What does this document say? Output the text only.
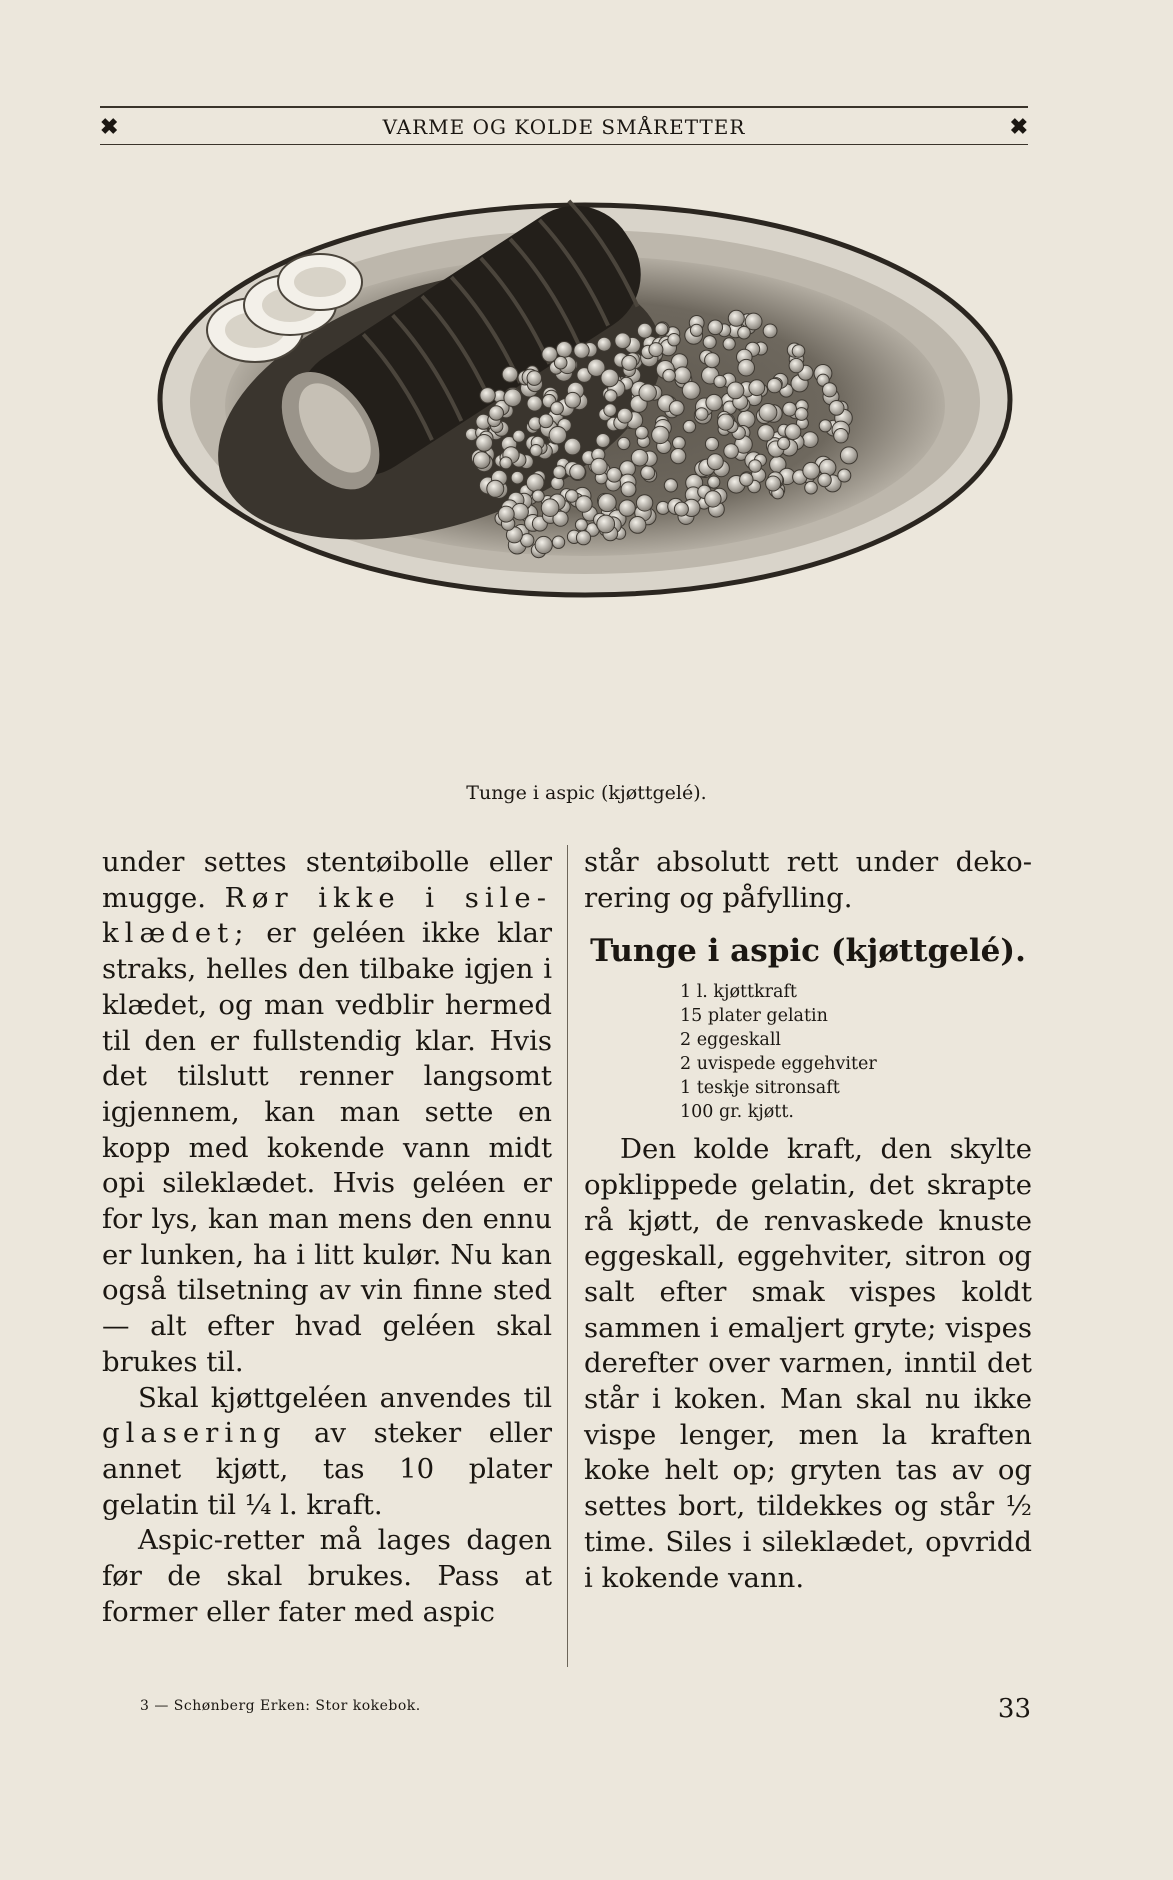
✖	VARME OG KOLDE SMÅRETTER	✖
Tunge i aspic (kjøttgelé).

under settes stentøibolle eller mugge. Rør ikke i sile- klædet; er geléen ikke klar straks, helles den tilbake igjen i klædet, og man vedblir hermed til den er fullstendig klar. Hvis det tilslutt renner langsomt igjennem, kan man sette en kopp med kokende vann midt opi sileklædet. Hvis geléen er for lys, kan man mens den ennu er lunken, ha i litt kulør. Nu kan også tilsetning av vin finne sted — alt efter hvad geléen skal brukes til.

Skal kjøttgeléen anvendes til glasering av steker eller annet kjøtt, tas 10 plater gelatin til ¼ l. kraft.

Aspic-retter må lages dagen før de skal brukes. Pass at former eller fater med aspic

står absolutt rett under dekorering og påfylling.

Tunge i aspic (kjøttgelé).
1 l. kjøttkraft
15 plater gelatin
2 eggeskall
2 uvispede eggehviter
1 teskje sitronsaft
100 gr. kjøtt.

Den kolde kraft, den skylte opklippede gelatin, det skrapte rå kjøtt, de renvaskede knuste eggeskall, eggehviter, sitron og salt efter smak vispes koldt sammen i emaljert gryte; vispes derefter over varmen, inntil det står i koken. Man skal nu ikke vispe lenger, men la kraften koke helt op; gryten tas av og settes bort, tildekkes og står ½ time. Siles i sileklædet, opvridd i kokende vann.

3 — Schønberg Erken: Stor kokebok.	33
